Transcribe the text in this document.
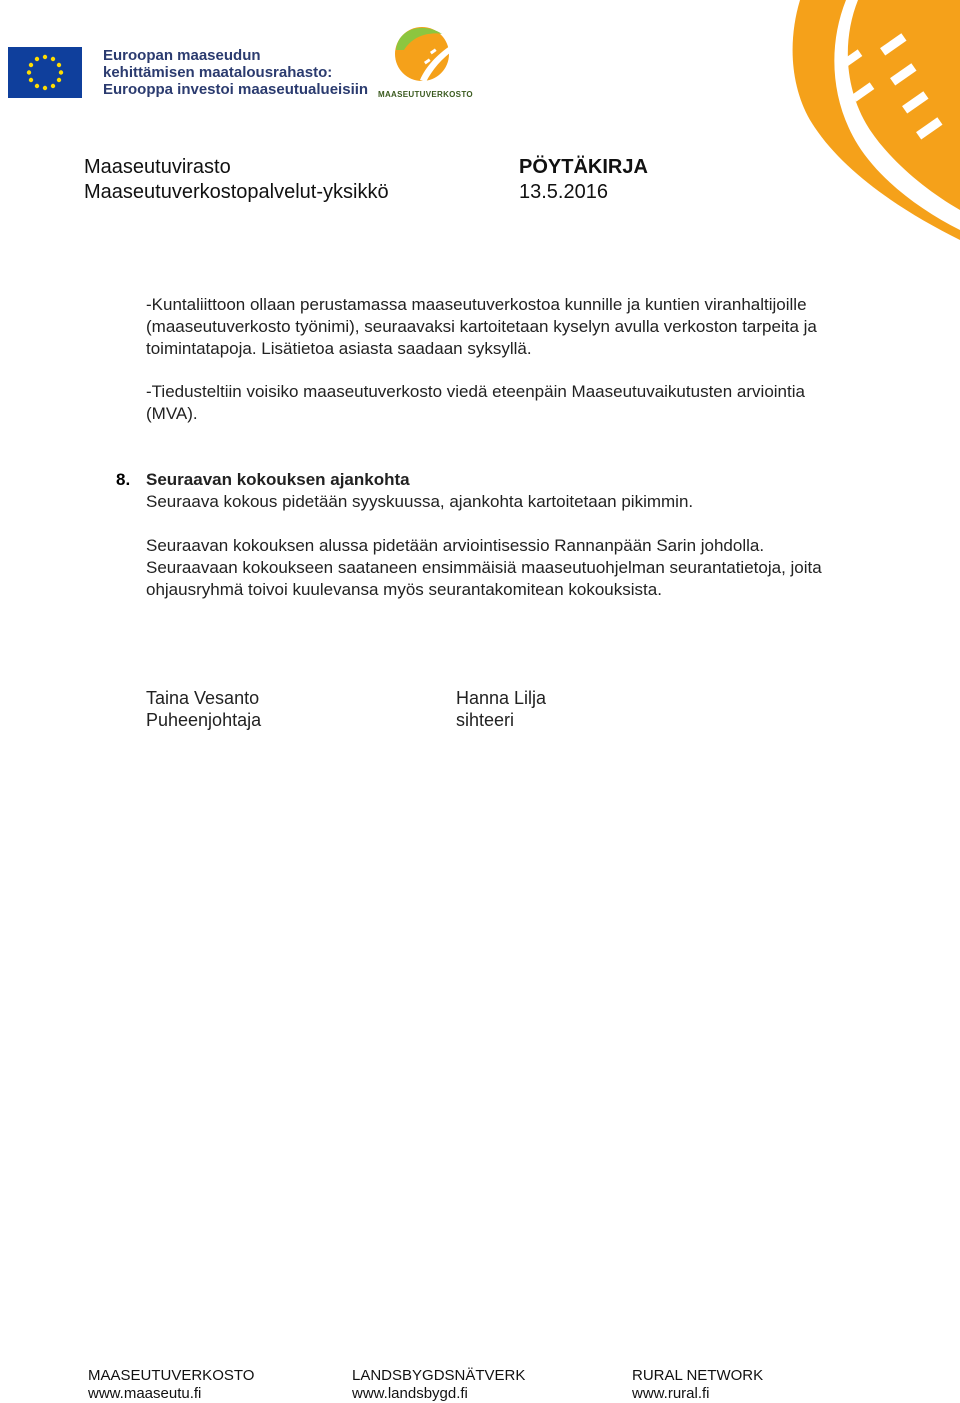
Euroopan maaseudun
kehittämisen maatalousrahasto:
Eurooppa investoi maaseutualueisiin MAASEUTUVERKOSTO
Maaseutuvirasto
Maaseutuverkostopalvelut-yksikkö
PÖYTÄKIRJA
13.5.2016
-Kuntaliittoon ollaan perustamassa maaseutuverkostoa kunnille ja kuntien viranhaltijoille (maaseutuverkosto työnimi), seuraavaksi kartoitetaan kyselyn avulla verkoston tarpeita ja toimintatapoja. Lisätietoa asiasta saadaan syksyllä.
-Tiedusteltiin voisiko maaseutuverkosto viedä eteenpäin Maaseutuvaikutusten arviointia (MVA).
8. Seuraavan kokouksen ajankohta
Seuraava kokous pidetään syyskuussa, ajankohta kartoitetaan pikimmin.
Seuraavan kokouksen alussa pidetään arviointisessio Rannanpään Sarin johdolla. Seuraavaan kokoukseen saataneen ensimmäisiä maaseutuohjelman seurantatietoja, joita ohjausryhmä toivoi kuulevansa myös seurantakomitean kokouksista.
Taina Vesanto
Puheenjohtaja
Hanna Lilja
sihteeri
MAASEUTUVERKOSTO
www.maaseutu.fi
LANDSBYGDSNÄTVERK
www.landsbygd.fi
RURAL NETWORK
www.rural.fi
